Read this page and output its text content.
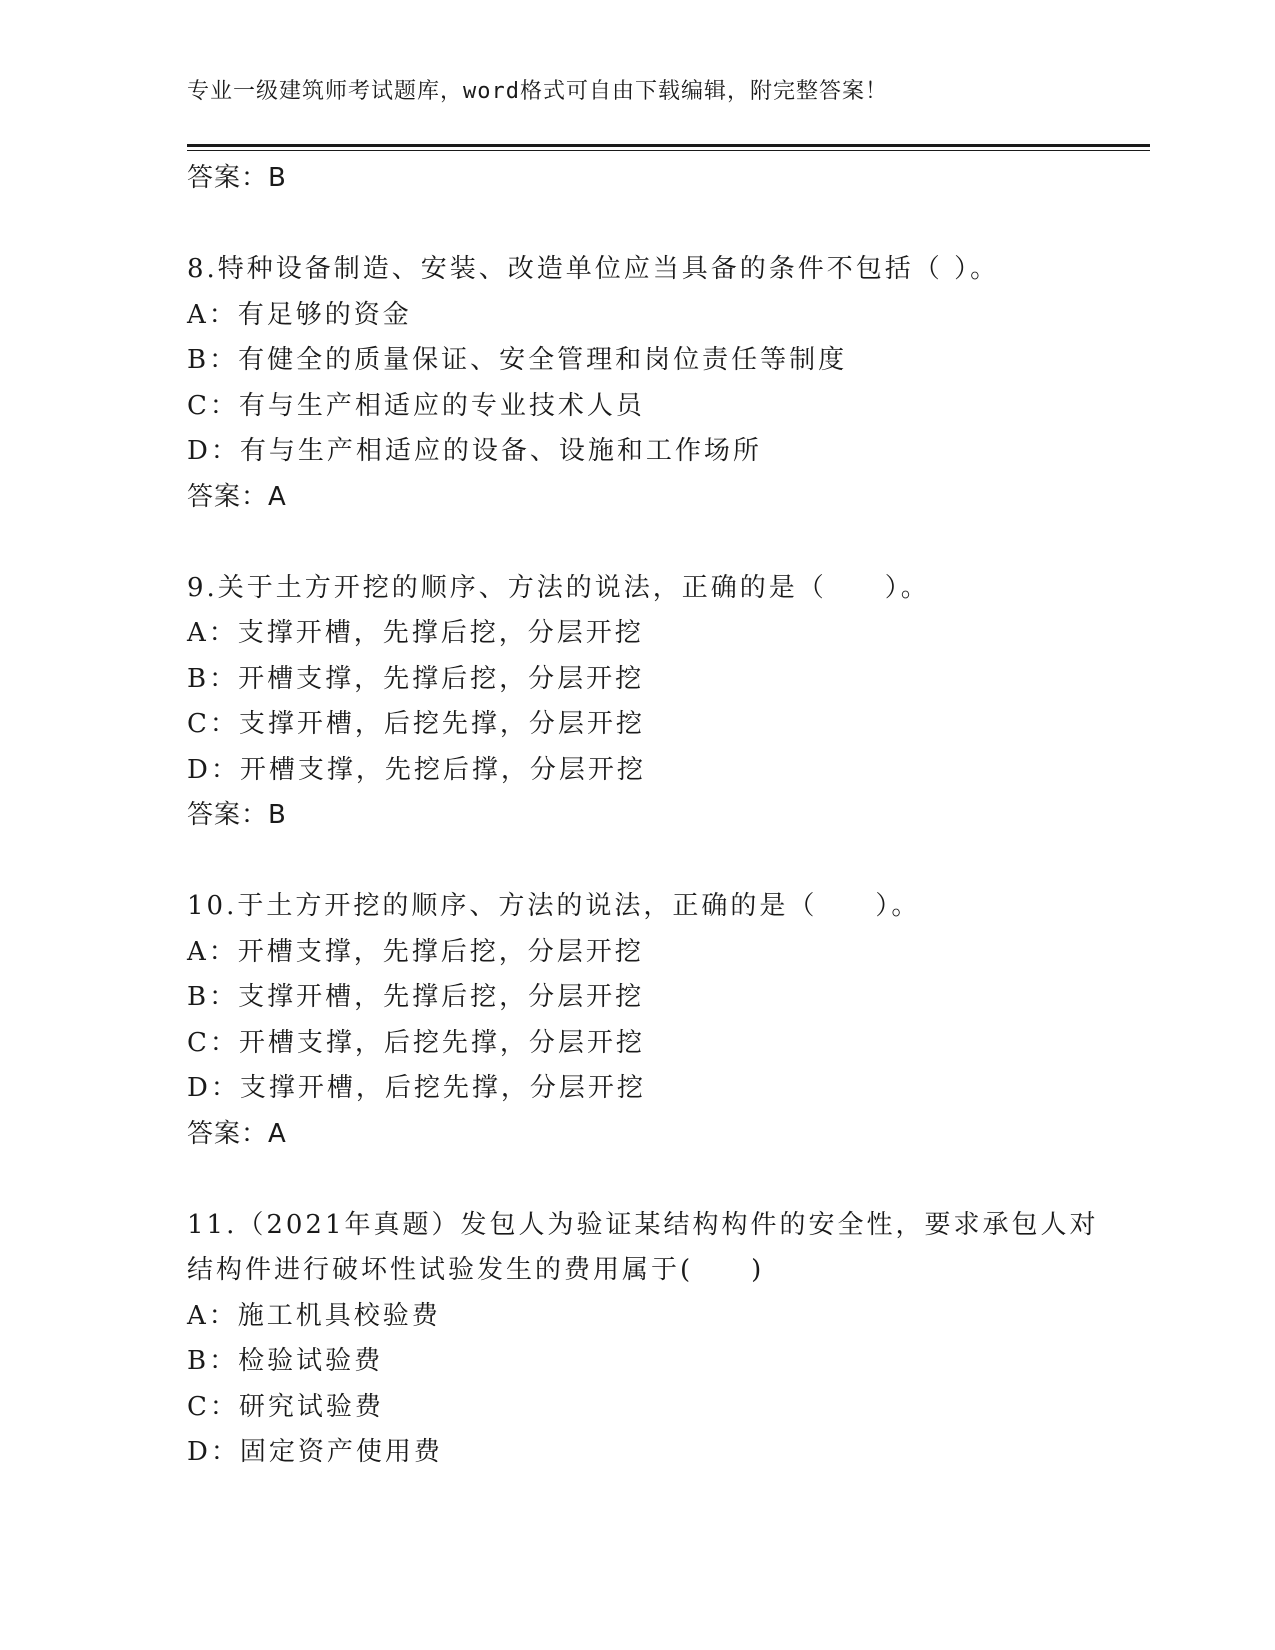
专业一级建筑师考试题库，word格式可自由下载编辑，附完整答案！
答案：B
8.特种设备制造、安装、改造单位应当具备的条件不包括（ ）。
A：有足够的资金
B：有健全的质量保证、安全管理和岗位责任等制度
C：有与生产相适应的专业技术人员
D：有与生产相适应的设备、设施和工作场所
答案：A
9.关于土方开挖的顺序、方法的说法，正确的是（　　）。
A：支撑开槽，先撑后挖，分层开挖
B：开槽支撑，先撑后挖，分层开挖
C：支撑开槽，后挖先撑，分层开挖
D：开槽支撑，先挖后撑，分层开挖
答案：B
10.于土方开挖的顺序、方法的说法，正确的是（　　）。
A：开槽支撑，先撑后挖，分层开挖
B：支撑开槽，先撑后挖，分层开挖
C：开槽支撑，后挖先撑，分层开挖
D：支撑开槽，后挖先撑，分层开挖
答案：A
11.（2021年真题）发包人为验证某结构构件的安全性，要求承包人对
结构件进行破坏性试验发生的费用属于(　　)
A：施工机具校验费
B：检验试验费
C：研究试验费
D：固定资产使用费
